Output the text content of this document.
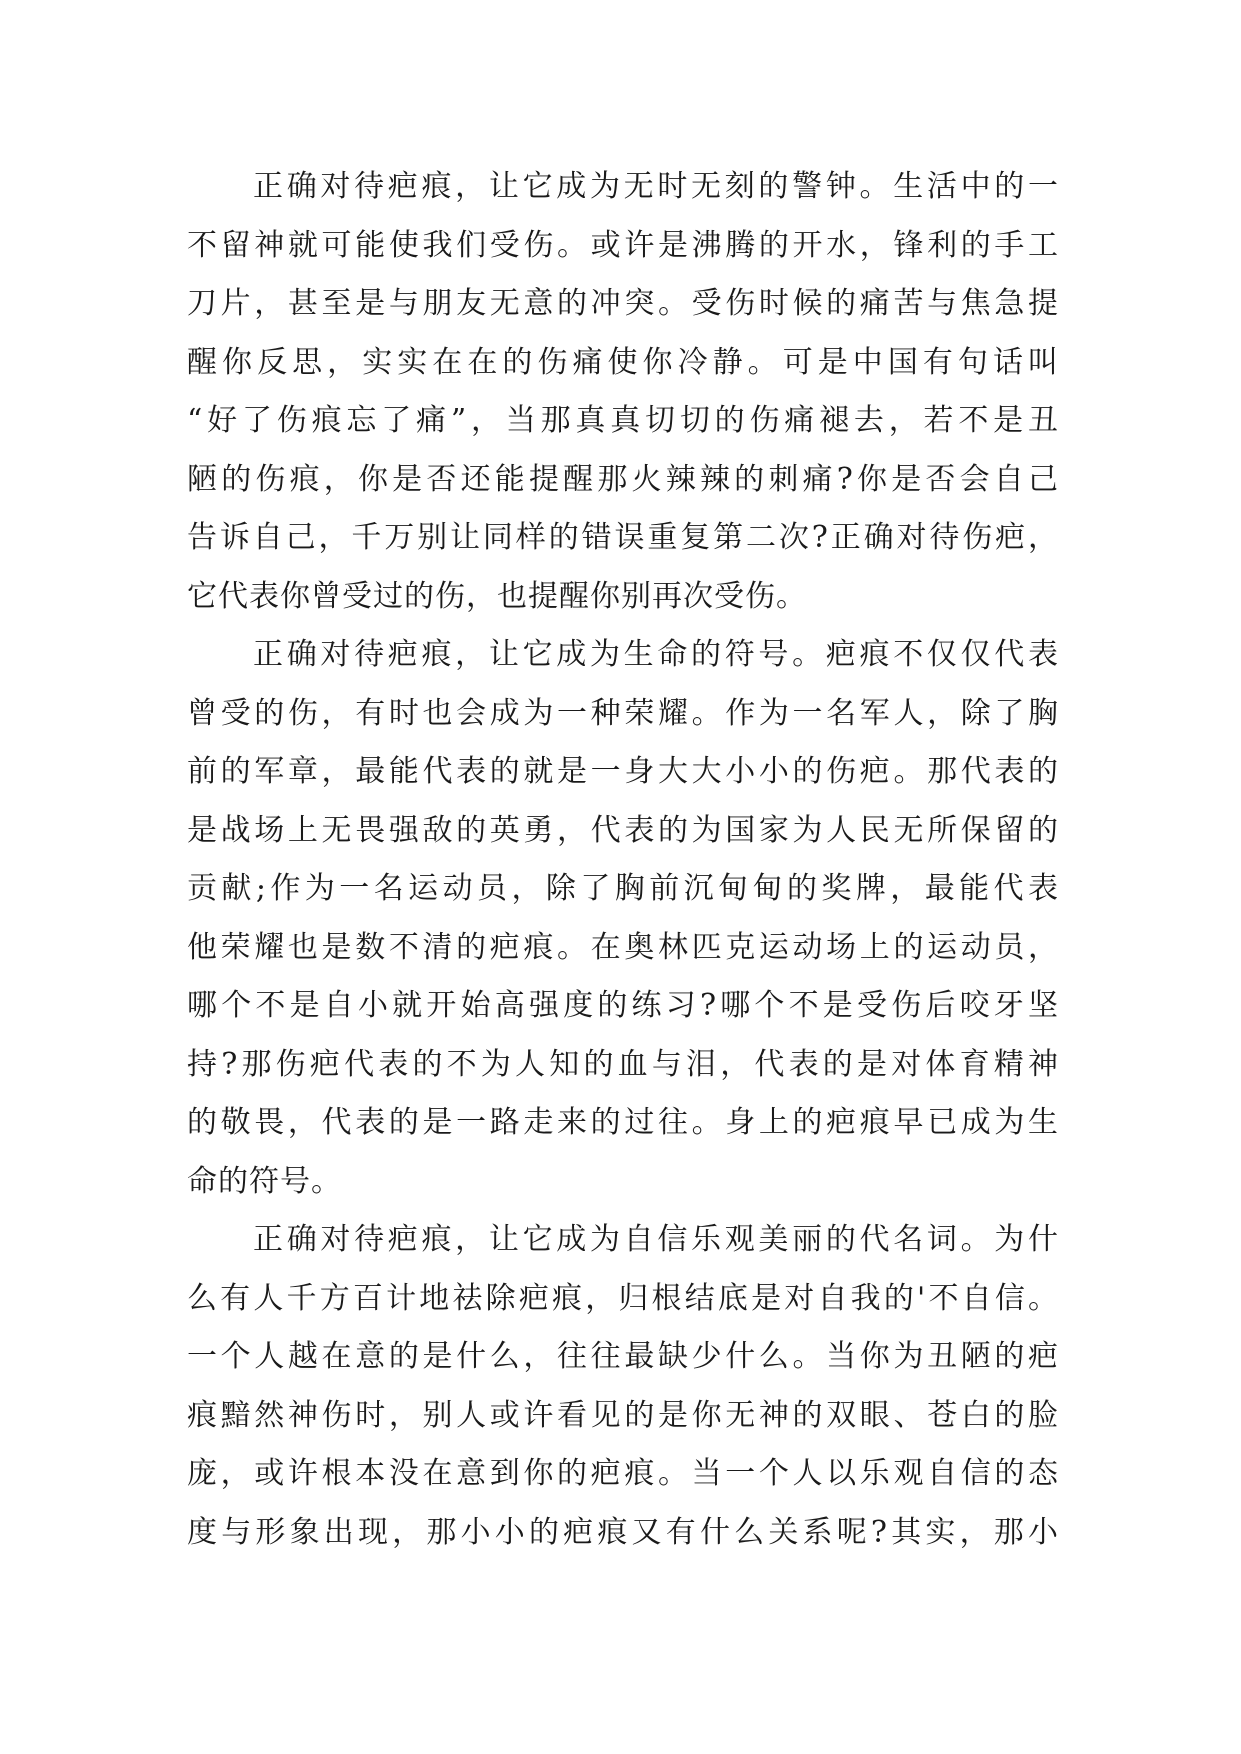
正确对待疤痕，让它成为无时无刻的警钟。生活中的一
不留神就可能使我们受伤。或许是沸腾的开水，锋利的手工
刀片，甚至是与朋友无意的冲突。受伤时候的痛苦与焦急提
醒你反思，实实在在的伤痛使你冷静。可是中国有句话叫
“好了伤痕忘了痛”，当那真真切切的伤痛褪去，若不是丑
陋的伤痕，你是否还能提醒那火辣辣的刺痛?你是否会自己
告诉自己，千万别让同样的错误重复第二次?正确对待伤疤，
它代表你曾受过的伤，也提醒你别再次受伤。
正确对待疤痕，让它成为生命的符号。疤痕不仅仅代表
曾受的伤，有时也会成为一种荣耀。作为一名军人，除了胸
前的军章，最能代表的就是一身大大小小的伤疤。那代表的
是战场上无畏强敌的英勇，代表的为国家为人民无所保留的
贡献;作为一名运动员，除了胸前沉甸甸的奖牌，最能代表
他荣耀也是数不清的疤痕。在奥林匹克运动场上的运动员，
哪个不是自小就开始高强度的练习?哪个不是受伤后咬牙坚
持?那伤疤代表的不为人知的血与泪，代表的是对体育精神
的敬畏，代表的是一路走来的过往。身上的疤痕早已成为生
命的符号。
正确对待疤痕，让它成为自信乐观美丽的代名词。为什
么有人千方百计地祛除疤痕，归根结底是对自我的'不自信。
一个人越在意的是什么，往往最缺少什么。当你为丑陋的疤
痕黯然神伤时，别人或许看见的是你无神的双眼、苍白的脸
庞，或许根本没在意到你的疤痕。当一个人以乐观自信的态
度与形象出现，那小小的疤痕又有什么关系呢?其实，那小
